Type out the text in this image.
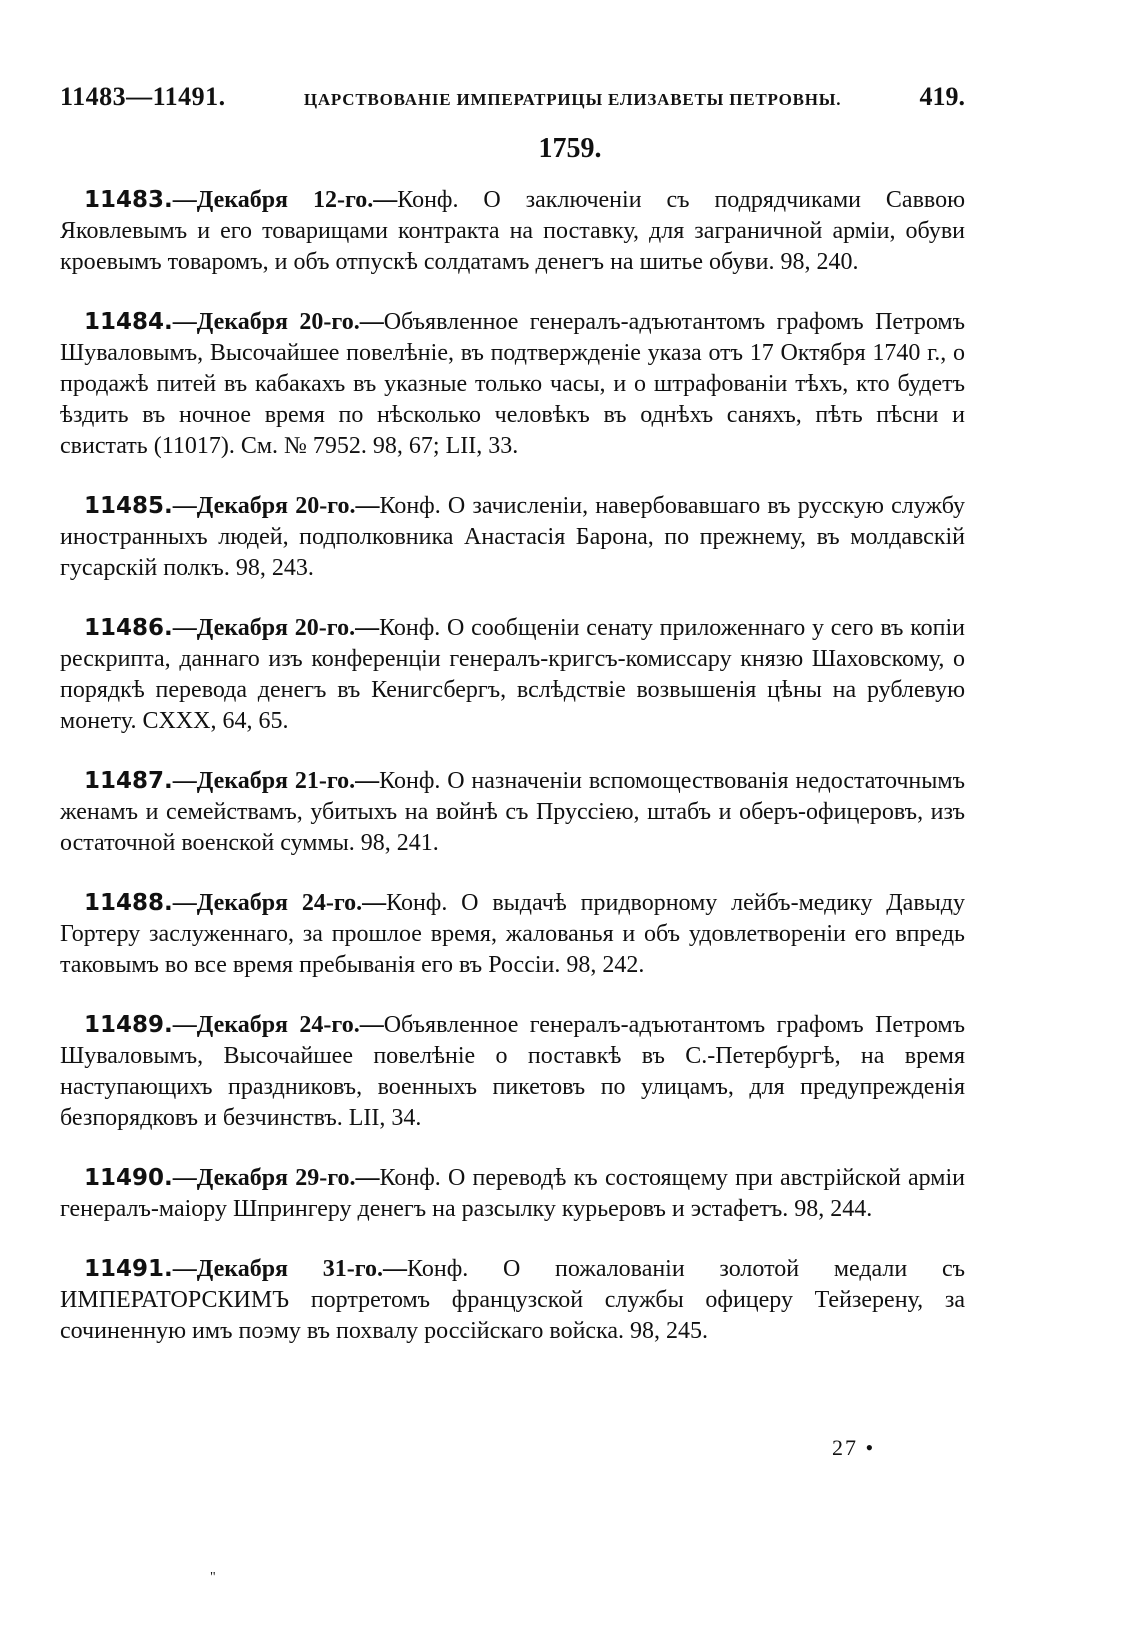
11483—11491.	ЦАРСТВОВАНІЕ ИМПЕРАТРИЦЫ ЕЛИЗАВЕТЫ ПЕТРОВНЫ.	419.
1759.

11483.—Декабря 12-го.—Конф. О заключеніи съ подрядчиками Саввою Яковлевымъ и его товарищами контракта на поставку, для заграничной арміи, обуви кроевымъ товаромъ, и объ отпускѣ солдатамъ денегъ на шитье обуви. 98, 240.

11484.—Декабря 20-го.—Объявленное генералъ-адъютантомъ графомъ Петромъ Шуваловымъ, Высочайшее повелѣніе, въ подтвержденіе указа отъ 17 Октября 1740 г., о продажѣ питей въ кабакахъ въ указные только часы, и о штрафованіи тѣхъ, кто будетъ ѣздить въ ночное время по нѣсколько человѣкъ въ однѣхъ саняхъ, пѣть пѣсни и свистать (11017). См. № 7952. 98, 67; LII, 33.

11485.—Декабря 20-го.—Конф. О зачисленіи, навербовавшаго въ русскую службу иностранныхъ людей, подполковника Анастасія Барона, по прежнему, въ молдавскій гусарскій полкъ. 98, 243.

11486.—Декабря 20-го.—Конф. О сообщеніи сенату приложеннаго у сего въ копіи рескрипта, даннаго изъ конференціи генералъ-кригсъ-комиссару князю Шаховскому, о порядкѣ перевода денегъ въ Кенигсбергъ, вслѣдствіе возвышенія цѣны на рублевую монету. CXXX, 64, 65.

11487.—Декабря 21-го.—Конф. О назначеніи вспомоществованія недостаточнымъ женамъ и семействамъ, убитыхъ на войнѣ съ Пруссіею, штабъ и оберъ-офицеровъ, изъ остаточной военской суммы. 98, 241.

11488.—Декабря 24-го.—Конф. О выдачѣ придворному лейбъ-медику Давыду Гортеру заслуженнаго, за прошлое время, жалованья и объ удовлетвореніи его впредь таковымъ во все время пребыванія его въ Россіи. 98, 242.

11489.—Декабря 24-го.—Объявленное генералъ-адъютантомъ графомъ Петромъ Шуваловымъ, Высочайшее повелѣніе о поставкѣ въ С.-Петербургѣ, на время наступающихъ праздниковъ, военныхъ пикетовъ по улицамъ, для предупрежденія безпорядковъ и безчинствъ. LII, 34.

11490.—Декабря 29-го.—Конф. О переводѣ къ состоящему при австрійской арміи генералъ-маіору Шпрингеру денегъ на разсылку курьеровъ и эстафетъ. 98, 244.

11491.—Декабря 31-го.—Конф. О пожалованіи золотой медали съ ИМПЕРАТОРСКИМЪ портретомъ французской службы офицеру Тейзерену, за сочиненную имъ поэму въ похвалу россійскаго войска. 98, 245.

27 •
"
